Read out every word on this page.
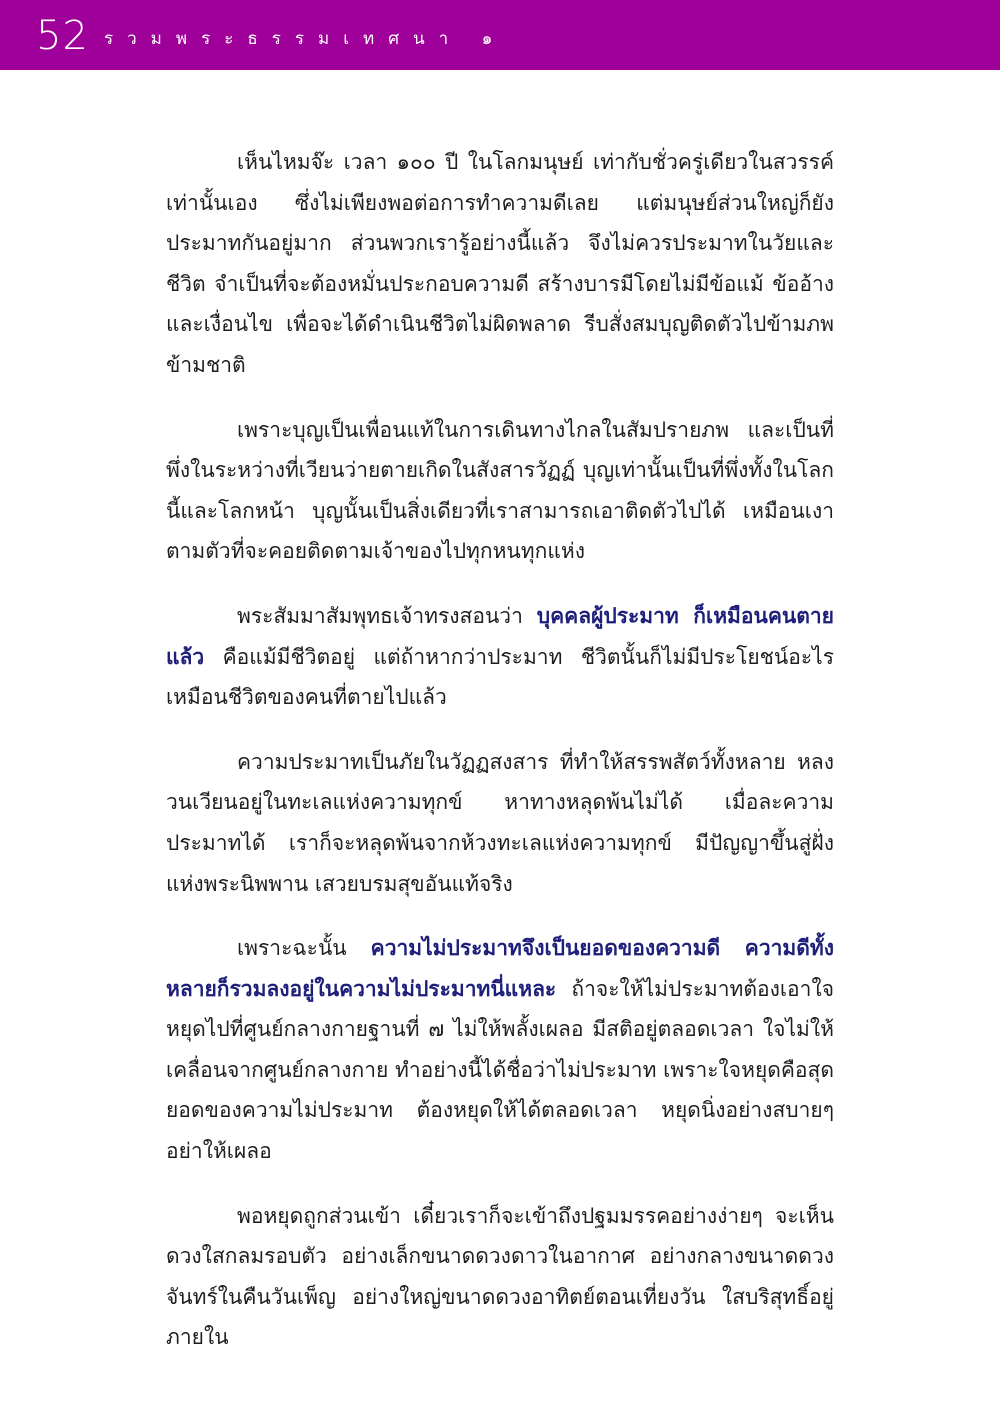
52 รวมพระธรรมเทศนา ๑

เห็นไหมจ๊ะ เวลา ๑๐๐ ปี ในโลกมนุษย์ เท่ากับชั่วครู่เดียวในสวรรค์ เท่านั้นเอง ซึ่งไม่เพียงพอต่อการทำความดีเลย แต่มนุษย์ส่วนใหญ่ก็ยังประมาทกันอยู่มาก ส่วนพวกเรารู้อย่างนี้แล้ว จึงไม่ควรประมาทในวัยและชีวิต จำเป็นที่จะต้องหมั่นประกอบความดี สร้างบารมีโดยไม่มีข้อแม้ ข้ออ้างและเงื่อนไข เพื่อจะได้ดำเนินชีวิตไม่ผิดพลาด รีบสั่งสมบุญติดตัวไปข้ามภพข้ามชาติ

เพราะบุญเป็นเพื่อนแท้ในการเดินทางไกลในสัมปรายภพ และเป็นที่พึ่งในระหว่างที่เวียนว่ายตายเกิดในสังสารวัฏฏ์ บุญเท่านั้นเป็นที่พึ่งทั้งในโลกนี้และโลกหน้า บุญนั้นเป็นสิ่งเดียวที่เราสามารถเอาติดตัวไปได้ เหมือนเงาตามตัวที่จะคอยติดตามเจ้าของไปทุกหนทุกแห่ง

พระสัมมาสัมพุทธเจ้าทรงสอนว่า บุคคลผู้ประมาท ก็เหมือนคนตายแล้ว คือแม้มีชีวิตอยู่ แต่ถ้าหากว่าประมาท ชีวิตนั้นก็ไม่มีประโยชน์อะไร เหมือนชีวิตของคนที่ตายไปแล้ว

ความประมาทเป็นภัยในวัฏฏสงสาร ที่ทำให้สรรพสัตว์ทั้งหลาย หลงวนเวียนอยู่ในทะเลแห่งความทุกข์ หาทางหลุดพ้นไม่ได้ เมื่อละความประมาทได้ เราก็จะหลุดพ้นจากห้วงทะเลแห่งความทุกข์ มีปัญญาขึ้นสู่ฝั่งแห่งพระนิพพาน เสวยบรมสุขอันแท้จริง

เพราะฉะนั้น ความไม่ประมาทจึงเป็นยอดของความดี ความดีทั้งหลายก็รวมลงอยู่ในความไม่ประมาทนี่แหละ ถ้าจะให้ไม่ประมาทต้องเอาใจหยุดไปที่ศูนย์กลางกายฐานที่ ๗ ไม่ให้พลั้งเผลอ มีสติอยู่ตลอดเวลา ใจไม่ให้เคลื่อนจากศูนย์กลางกาย ทำอย่างนี้ได้ชื่อว่าไม่ประมาท เพราะใจหยุดคือสุดยอดของความไม่ประมาท ต้องหยุดให้ได้ตลอดเวลา หยุดนิ่งอย่างสบายๆ อย่าให้เผลอ

พอหยุดถูกส่วนเข้า เดี๋ยวเราก็จะเข้าถึงปฐมมรรคอย่างง่ายๆ จะเห็นดวงใสกลมรอบตัว อย่างเล็กขนาดดวงดาวในอากาศ อย่างกลางขนาดดวงจันทร์ในคืนวันเพ็ญ อย่างใหญ่ขนาดดวงอาทิตย์ตอนเที่ยงวัน ใสบริสุทธิ์อยู่ภายใน
